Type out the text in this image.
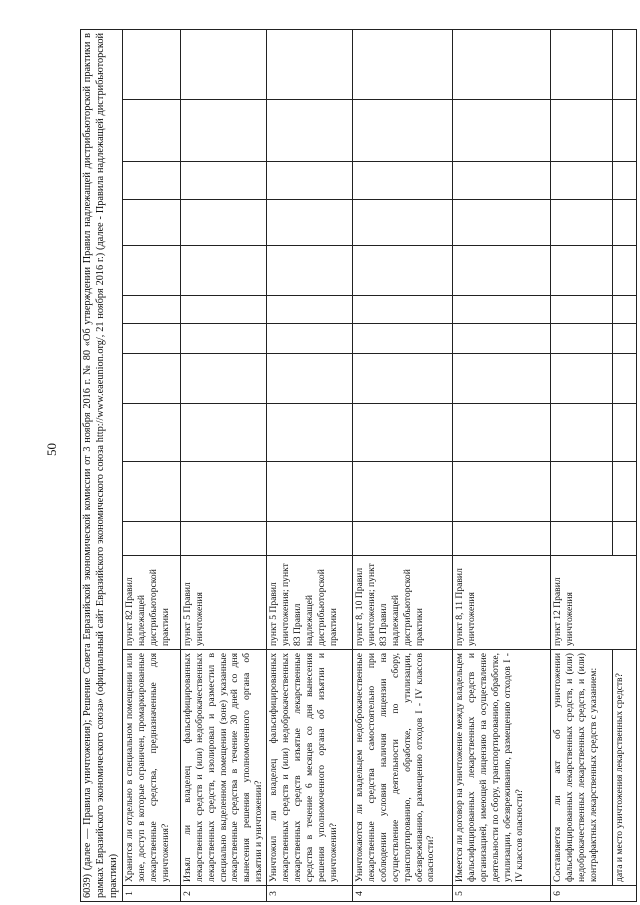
50 6039) (далее — Правила уничтожения); Решение Совета Евразийской экономической комиссии от 3 ноября 2016 г. № 80 «Об утверждении Правил надлежащей дистрибьюторской практики в рамках Евразийского экономического союза» (официальный сайт Евразийского экономического союза http://www.eaeunion.org/, 21 ноября 2016 г.) (далее - Правила надлежащей дистрибьюторской практики)													
1	Хранится ли отдельно в специальном помещении или зоне, доступ в которые ограничен, промаркированные лекарственные средства, предназначенные для уничтожения?	пункт 82 Правил надлежащей дистрибьюторской практики											
2	Изъял ли владелец фальсифицированных лекарственных средств и (или) недоброкачественных лекарственных средств, изолировал и разместил в специально выделенном помещении (зоне) указанные лекарственные средства в течение 30 дней со дня вынесения решения уполномоченного органа об изъятии и уничтожении?	пункт 5 Правил уничтожения											
3	Уничтожил ли владелец фальсифицированных лекарственных средств и (или) недоброкачественных лекарственных средств изъятые лекарственные средства в течение 6 месяцев со дня вынесения решения уполномоченного органа об изъятии и уничтожении?	пункт 5 Правил уничтожения; пункт 83 Правил надлежащей дистрибьюторской практики											
4	Уничтожаются ли владельцем недоброкачественные лекарственные средства самостоятельно при соблюдении условия наличия лицензии на осуществление деятельности по сбору, транспортированию, обработке, утилизации, обезвреживанию, размещению отходов I - IV классов опасности?	пункт 8, 10 Правил уничтожения; пункт 83 Правил надлежащей дистрибьюторской практики											
5	Имеется ли договор на уничтожение между владельцем фальсифицированных лекарственных средств и организацией, имеющей лицензию на осуществление деятельности по сбору, транспортированию, обработке, утилизации, обезвреживанию, размещению отходов I - IV классов опасности?	пункт 8, 11 Правил уничтожения											
6	Составляется ли акт об уничтожении фальсифицированных лекарственных средств, и (или) недоброкачественных лекарственных средств, и (или) контрафактных лекарственных средств с указанием:	пункт 12 Правил уничтожения											
	дата и место уничтожения лекарственных средств?												
